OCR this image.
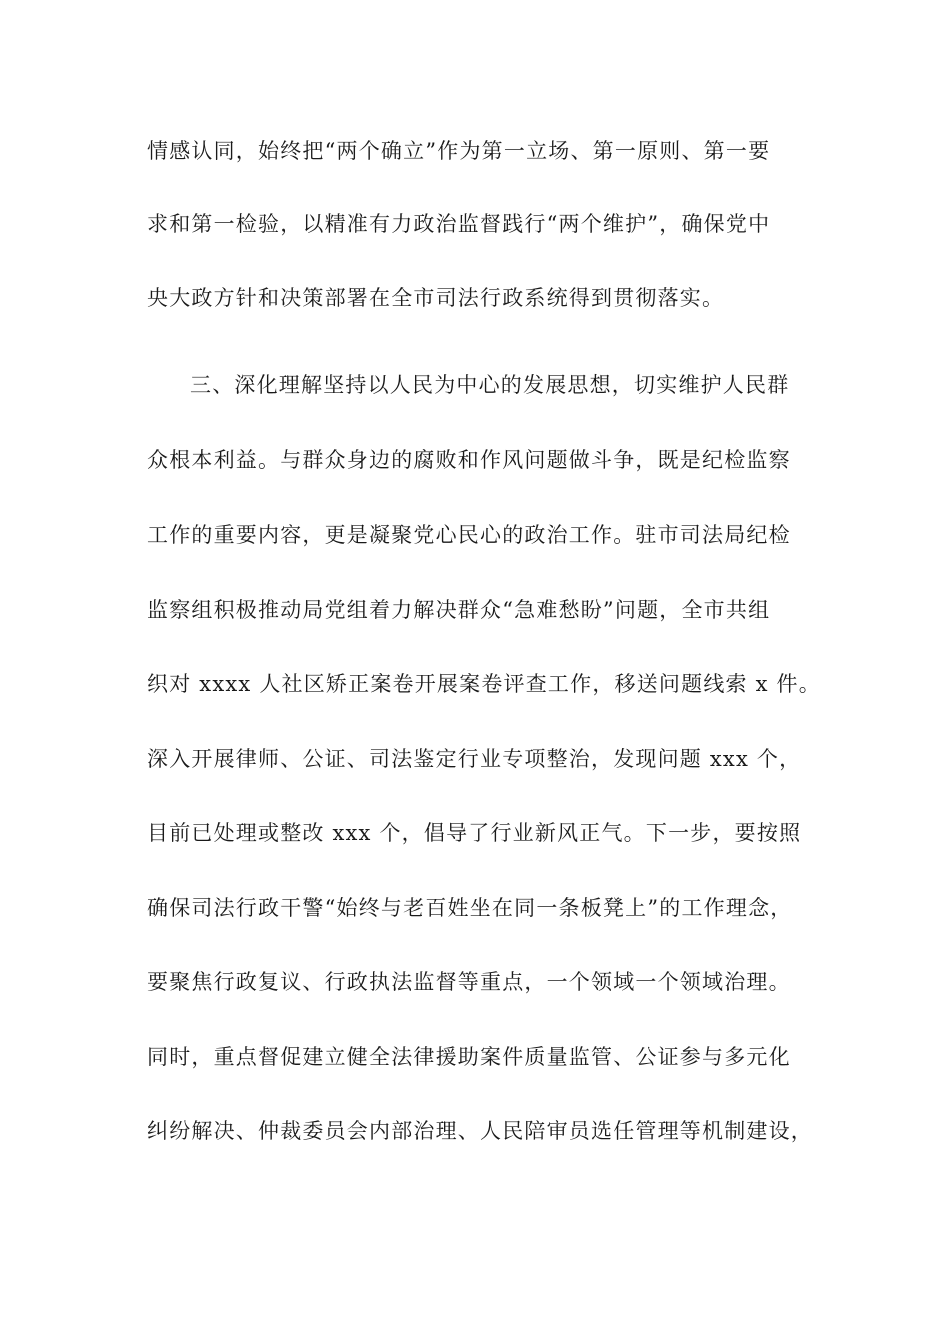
情感认同，始终把“两个确立”作为第一立场、第一原则、第一要
求和第一检验，以精准有力政治监督践行“两个维护”，确保党中
央大政方针和决策部署在全市司法行政系统得到贯彻落实。
三、深化理解坚持以人民为中心的发展思想，切实维护人民群
众根本利益。与群众身边的腐败和作风问题做斗争，既是纪检监察
工作的重要内容，更是凝聚党心民心的政治工作。驻市司法局纪检
监察组积极推动局党组着力解决群众“急难愁盼”问题，全市共组
织对 xxxx 人社区矫正案卷开展案卷评查工作，移送问题线索 x 件。
深入开展律师、公证、司法鉴定行业专项整治，发现问题 xxx 个，
目前已处理或整改 xxx 个，倡导了行业新风正气。下一步，要按照
确保司法行政干警“始终与老百姓坐在同一条板凳上”的工作理念，
要聚焦行政复议、行政执法监督等重点，一个领域一个领域治理。
同时，重点督促建立健全法律援助案件质量监管、公证参与多元化
纠纷解决、仲裁委员会内部治理、人民陪审员选任管理等机制建设，
